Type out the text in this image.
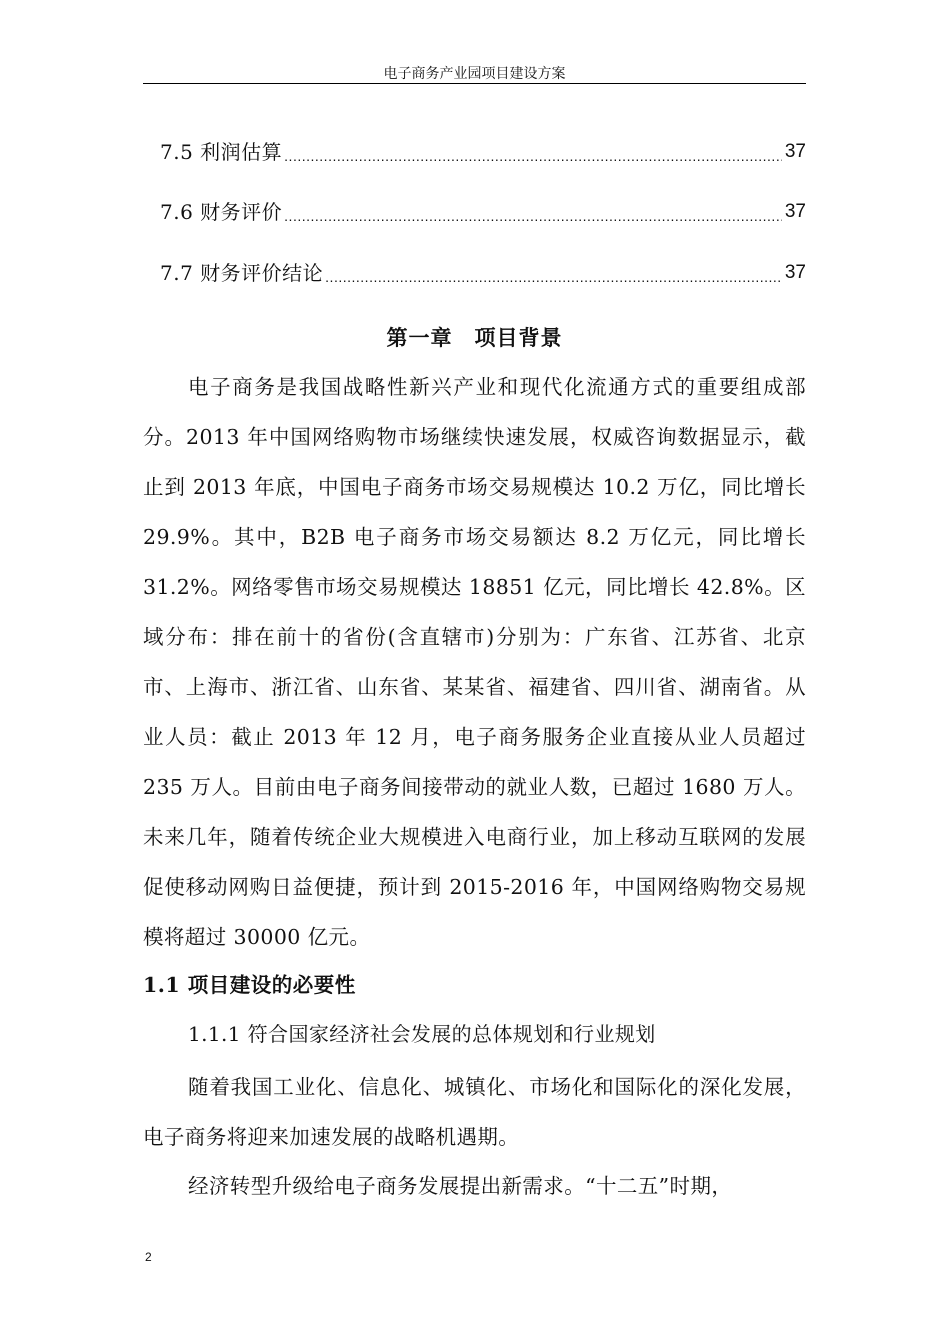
电子商务产业园项目建设方案
7.5 利润估算 .....	37
7.6 财务评价 .....	37
7.7 财务评价结论 .....	37
第一章　项目背景

电子商务是我国战略性新兴产业和现代化流通方式的重要组成部分。2013 年中国网络购物市场继续快速发展，权威咨询数据显示，截止到 2013 年底，中国电子商务市场交易规模达 10.2 万亿，同比增长 29.9%。其中，B2B 电子商务市场交易额达 8.2 万亿元，同比增长 31.2%。网络零售市场交易规模达 18851 亿元，同比增长 42.8%。区域分布：排在前十的省份(含直辖市)分别为：广东省、江苏省、北京市、上海市、浙江省、山东省、某某省、福建省、四川省、湖南省。从业人员：截止 2013 年 12 月，电子商务服务企业直接从业人员超过 235 万人。目前由电子商务间接带动的就业人数，已超过 1680 万人。未来几年，随着传统企业大规模进入电商行业，加上移动互联网的发展促使移动网购日益便捷，预计到 2015-2016 年，中国网络购物交易规模将超过 30000 亿元。

1.1 项目建设的必要性
1.1.1 符合国家经济社会发展的总体规划和行业规划

随着我国工业化、信息化、城镇化、市场化和国际化的深化发展，电子商务将迎来加速发展的战略机遇期。

经济转型升级给电子商务发展提出新需求。“十二五”时期，

2
